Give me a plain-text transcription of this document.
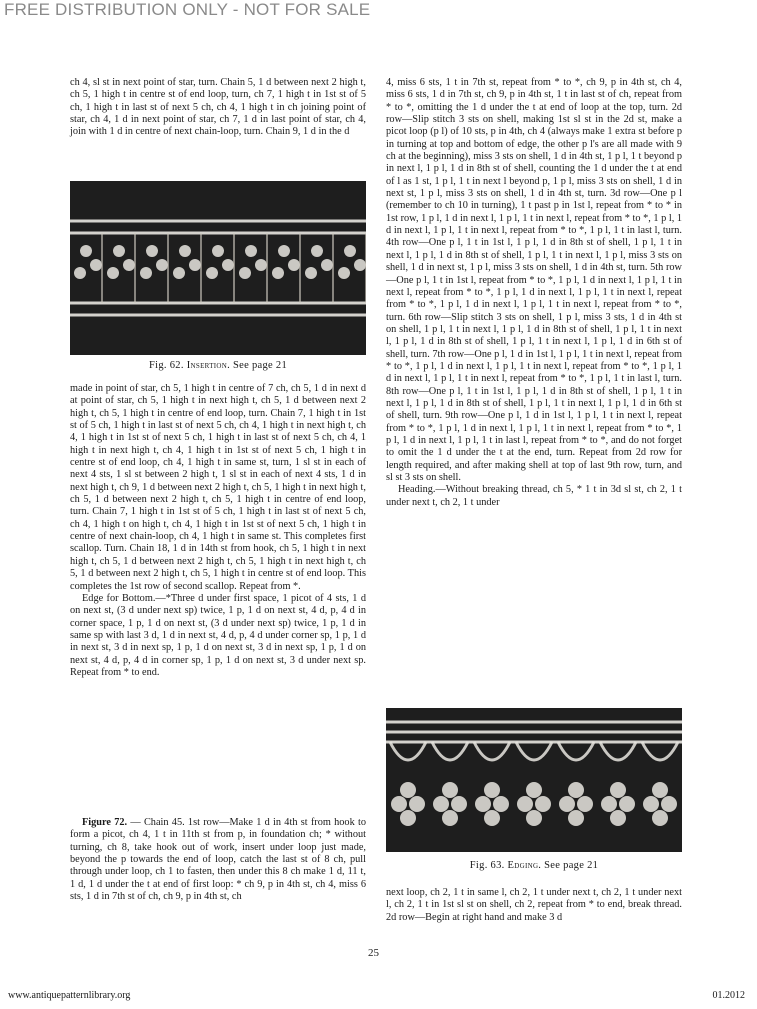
FREE DISTRIBUTION ONLY - NOT FOR SALE

ch 4, sl st in next point of star, turn. Chain 5, 1 d between next 2 high t, ch 5, 1 high t in centre st of end loop, turn, ch 7, 1 high t in 1st st of 5 ch, 1 high t in last st of next 5 ch, ch 4, 1 high t in ch joining point of star, ch 4, 1 d in next point of star, ch 7, 1 d in last point of star, ch 4, join with 1 d in centre of next chain-loop, turn. Chain 9, 1 d in the d

Fig. 62. Insertion. See page 21

made in point of star, ch 5, 1 high t in centre of 7 ch, ch 5, 1 d in next d at point of star, ch 5, 1 high t in next high t, ch 5, 1 d between next 2 high t, ch 5, 1 high t in centre of end loop, turn. Chain 7, 1 high t in 1st st of 5 ch, 1 high t in last st of next 5 ch, ch 4, 1 high t in next high t, ch 4, 1 high t in 1st st of next 5 ch, 1 high t in last st of next 5 ch, ch 4, 1 high t in next high t, ch 4, 1 high t in 1st st of next 5 ch, 1 high t in centre st of end loop, ch 4, 1 high t in same st, turn, 1 sl st in each of next 4 sts, 1 sl st between 2 high t, 1 sl st in each of next 4 sts, 1 d in next high t, ch 9, 1 d between next 2 high t, ch 5, 1 high t in next high t, ch 5, 1 d between next 2 high t, ch 5, 1 high t in centre of end loop, turn. Chain 7, 1 high t in 1st st of 5 ch, 1 high t in last st of next 5 ch, ch 4, 1 high t on high t, ch 4, 1 high t in 1st st of next 5 ch, 1 high t in centre of next chain-loop, ch 4, 1 high t in same st. This completes first scallop. Turn. Chain 18, 1 d in 14th st from hook, ch 5, 1 high t in next high t, ch 5, 1 d between next 2 high t, ch 5, 1 high t in next high t, ch 5, 1 d between next 2 high t, ch 5, 1 high t in centre st of end loop. This completes the 1st row of second scallop. Repeat from *.

Edge for Bottom.—*Three d under first space, 1 picot of 4 sts, 1 d on next st, (3 d under next sp) twice, 1 p, 1 d on next st, 4 d, p, 4 d in corner space, 1 p, 1 d on next st, (3 d under next sp) twice, 1 p, 1 d in same sp with last 3 d, 1 d in next st, 4 d, p, 4 d under corner sp, 1 p, 1 d in next st, 3 d in next sp, 1 p, 1 d on next st, 3 d in next sp, 1 p, 1 d on next st, 4 d, p, 4 d in corner sp, 1 p, 1 d on next st, 3 d under next sp. Repeat from * to end.

Figure 72. — Chain 45. 1st row—Make 1 d in 4th st from hook to form a picot, ch 4, 1 t in 11th st from p, in foundation ch; * without turning, ch 8, take hook out of work, insert under loop just made, beyond the p towards the end of loop, catch the last st of 8 ch, pull through under loop, ch 1 to fasten, then under this 8 ch make 1 d, 11 t, 1 d, 1 d under the t at end of first loop: * ch 9, p in 4th st, ch 4, miss 6 sts, 1 d in 7th st of ch, ch 9, p in 4th st, ch

4, miss 6 sts, 1 t in 7th st, repeat from * to *, ch 9, p in 4th st, ch 4, miss 6 sts, 1 d in 7th st, ch 9, p in 4th st, 1 t in last st of ch, repeat from * to *, omitting the 1 d under the t at end of loop at the top, turn. 2d row—Slip stitch 3 sts on shell, making 1st sl st in the 2d st, make a picot loop (p l) of 10 sts, p in 4th, ch 4 (always make 1 extra st before p in turning at top and bottom of edge, the other p l's are all made with 9 ch at the beginning), miss 3 sts on shell, 1 d in 4th st, 1 p l, 1 t beyond p in next l, 1 p l, 1 d in 8th st of shell, counting the 1 d under the t at end of l as 1 st, 1 p l, 1 t in next l beyond p, 1 p l, miss 3 sts on shell, 1 d in next st, 1 p l, miss 3 sts on shell, 1 d in 4th st, turn. 3d row—One p l (remember to ch 10 in turning), 1 t past p in 1st l, repeat from * to * in 1st row, 1 p l, 1 d in next l, 1 p l, 1 t in next l, repeat from * to *, 1 p l, 1 d in next l, 1 p l, 1 t in next l, repeat from * to *, 1 p l, 1 t in last l, turn. 4th row—One p l, 1 t in 1st l, 1 p l, 1 d in 8th st of shell, 1 p l, 1 t in next l, 1 p l, 1 d in 8th st of shell, 1 p l, 1 t in next l, 1 p l, miss 3 sts on shell, 1 d in next st, 1 p l, miss 3 sts on shell, 1 d in 4th st, turn. 5th row—One p l, 1 t in 1st l, repeat from * to *, 1 p l, 1 d in next l, 1 p l, 1 t in next l, repeat from * to *, 1 p l, 1 d in next l, 1 p l, 1 t in next l, repeat from * to *, 1 p l, 1 d in next l, 1 p l, 1 t in next l, repeat from * to *, turn. 6th row—Slip stitch 3 sts on shell, 1 p l, miss 3 sts, 1 d in 4th st on shell, 1 p l, 1 t in next l, 1 p l, 1 d in 8th st of shell, 1 p l, 1 t in next l, 1 p l, 1 d in 8th st of shell, 1 p l, 1 t in next l, 1 p l, 1 d in 6th st of shell, turn. 7th row—One p l, 1 d in 1st l, 1 p l, 1 t in next l, repeat from * to *, 1 p l, 1 d in next l, 1 p l, 1 t in next l, repeat from * to *, 1 p l, 1 d in next l, 1 p l, 1 t in next l, repeat from * to *, 1 p l, 1 t in last l, turn. 8th row—One p l, 1 t in 1st l, 1 p l, 1 d in 8th st of shell, 1 p l, 1 t in next l, 1 p l, 1 d in 8th st of shell, 1 p l, 1 t in next l, 1 p l, 1 d in 6th st of shell, turn. 9th row—One p l, 1 d in 1st l, 1 p l, 1 t in next l, repeat from * to *, 1 p l, 1 d in next l, 1 p l, 1 t in next l, repeat from * to *, 1 p l, 1 d in next l, 1 p l, 1 t in last l, repeat from * to *, and do not forget to omit the 1 d under the t at the end, turn. Repeat from 2d row for length required, and after making shell at top of last 9th row, turn, and sl st 3 sts on shell.

Heading.—Without breaking thread, ch 5, * 1 t in 3d sl st, ch 2, 1 t under next t, ch 2, 1 t under

Fig. 63. Edging. See page 21

next loop, ch 2, 1 t in same l, ch 2, 1 t under next t, ch 2, 1 t under next l, ch 2, 1 t in 1st sl st on shell, ch 2, repeat from * to end, break thread. 2d row—Begin at right hand and make 3 d

25
www.antiquepatternlibrary.org	01.2012
